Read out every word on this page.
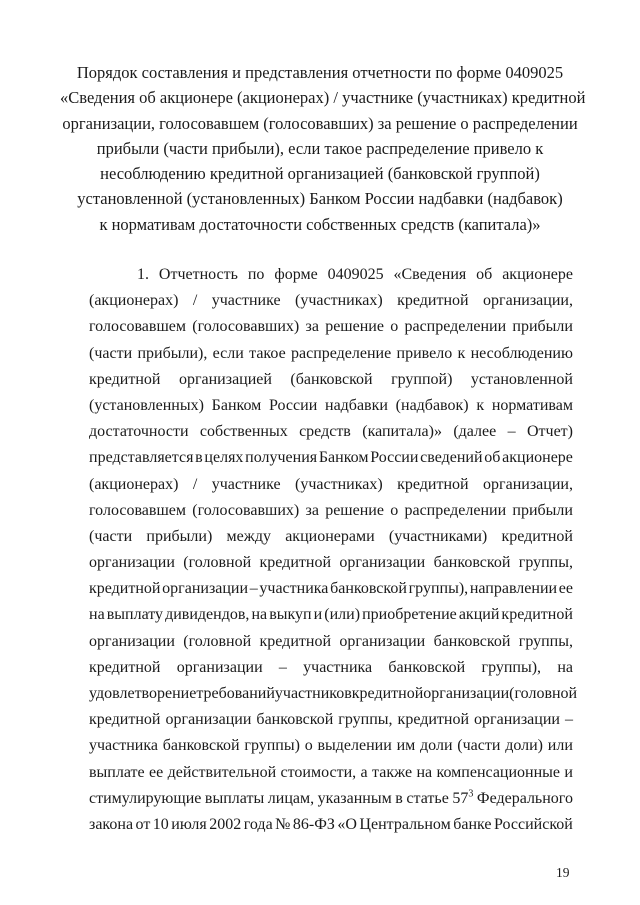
Порядок составления и представления отчетности по форме 0409025
«Сведения об акционере (акционерах) / участнике (участниках) кредитной
организации, голосовавшем (голосовавших) за решение о распределении
прибыли (части прибыли), если такое распределение привело к
несоблюдению кредитной организацией (банковской группой)
установленной (установленных) Банком России надбавки (надбавок)
к нормативам достаточности собственных средств (капитала)»
1. Отчетность по форме 0409025 «Сведения об акционере
(акционерах) / участнике (участниках) кредитной организации,
голосовавшем (голосовавших) за решение о распределении прибыли
(части прибыли), если такое распределение привело к несоблюдению
кредитной организацией (банковской группой) установленной
(установленных) Банком России надбавки (надбавок) к нормативам
достаточности собственных средств (капитала)» (далее – Отчет)
представляется в целях получения Банком России сведений об акционере
(акционерах) / участнике (участниках) кредитной организации,
голосовавшем (голосовавших) за решение о распределении прибыли
(части прибыли) между акционерами (участниками) кредитной
организации (головной кредитной организации банковской группы,
кредитной организации – участника банковской группы), направлении ее
на выплату дивидендов, на выкуп и (или) приобретение акций кредитной
организации (головной кредитной организации банковской группы,
кредитной организации – участника банковской группы), на
удовлетворение требований участников кредитной организации (головной
кредитной организации банковской группы, кредитной организации –
участника банковской группы) о выделении им доли (части доли) или
выплате ее действительной стоимости, а также на компенсационные и
стимулирующие выплаты лицам, указанным в статье $57^3$ Федерального
закона от 10 июля 2002 года № 86-ФЗ «О Центральном банке Российской
19
